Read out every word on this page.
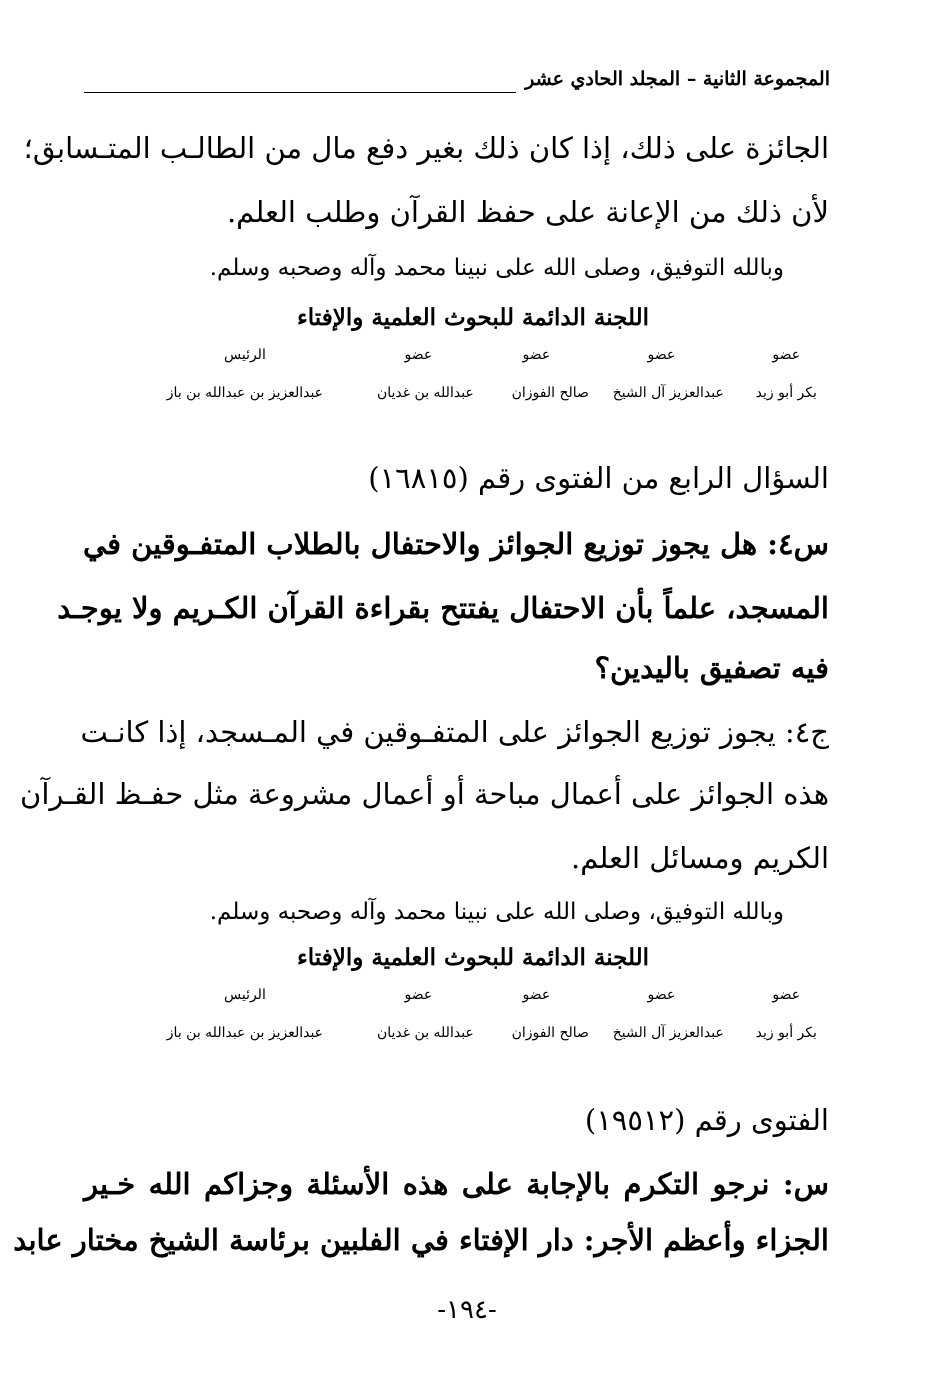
المجموعة الثانية – المجلد الحادي عشر
الجائزة على ذلك، إذا كان ذلك بغير دفع مال من الطالـب المتـسابق؛
لأن ذلك من الإعانة على حفظ القرآن وطلب العلم.
وبالله التوفيق، وصلى الله على نبينا محمد وآله وصحبه وسلم.
اللجنة الدائمة للبحوث العلمية والإفتاء
عضو
عضو
عضو
عضو
الرئيس
بكر أبو زيد
عبدالعزيز آل الشيخ
صالح الفوزان
عبدالله بن غديان
عبدالعزيز بن عبدالله بن باز
السؤال الرابع من الفتوى رقم (١٦٨١٥)
س٤: هل يجوز توزيع الجوائز والاحتفال بالطلاب المتفـوقين في
المسجد، علماً بأن الاحتفال يفتتح بقراءة القرآن الكـريم ولا يوجـد
فيه تصفيق باليدين؟
ج٤: يجوز توزيع الجوائز على المتفـوقين في المـسجد، إذا كانـت
هذه الجوائز على أعمال مباحة أو أعمال مشروعة مثل حفـظ القـرآن
الكريم ومسائل العلم.
وبالله التوفيق، وصلى الله على نبينا محمد وآله وصحبه وسلم.
اللجنة الدائمة للبحوث العلمية والإفتاء
عضو
عضو
عضو
عضو
الرئيس
بكر أبو زيد
عبدالعزيز آل الشيخ
صالح الفوزان
عبدالله بن غديان
عبدالعزيز بن عبدالله بن باز
الفتوى رقم (١٩٥١٢)
س: نرجو التكرم بالإجابة على هذه الأسئلة وجزاكم الله خـير
الجزاء وأعظم الأجر: دار الإفتاء في الفلبين برئاسة الشيخ مختار عابد
-١٩٤-
